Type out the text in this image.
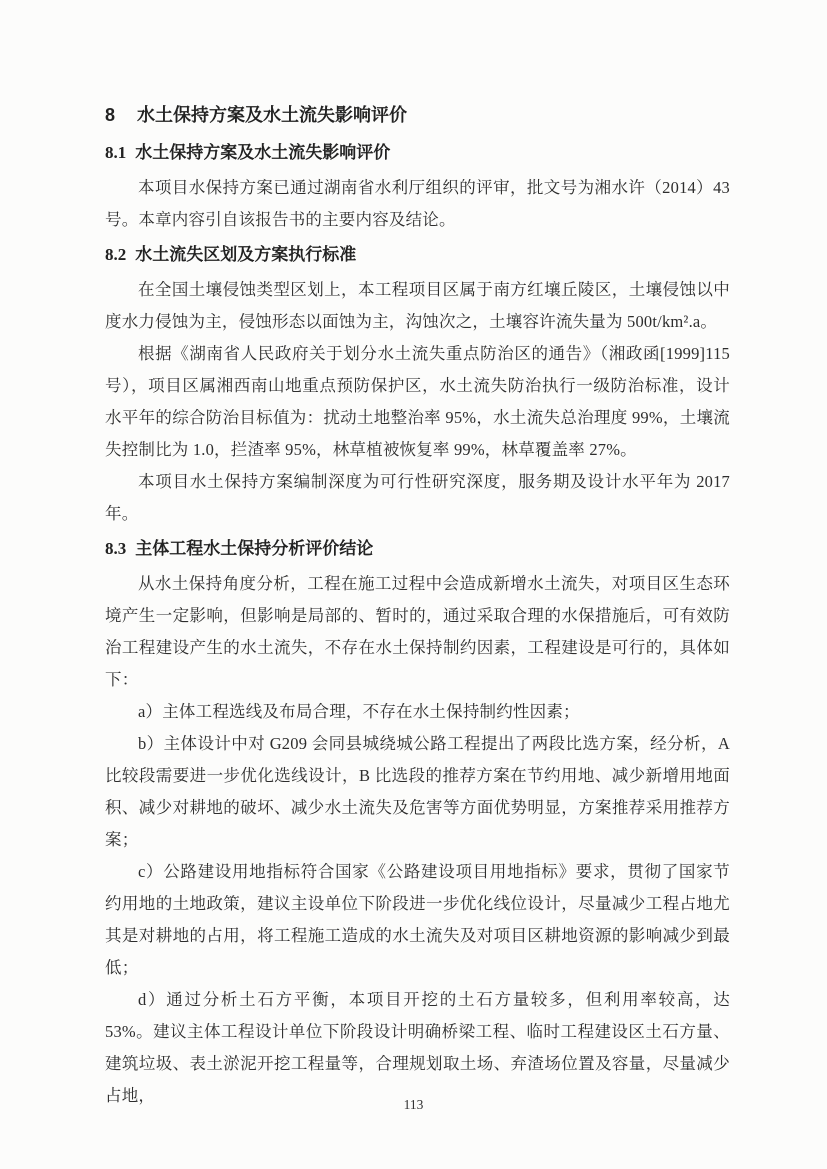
8 水土保持方案及水土流失影响评价
8.1 水土保持方案及水土流失影响评价

本项目水保持方案已通过湖南省水利厅组织的评审，批文号为湘水许（2014）43号。本章内容引自该报告书的主要内容及结论。

8.2 水土流失区划及方案执行标准

在全国土壤侵蚀类型区划上，本工程项目区属于南方红壤丘陵区，土壤侵蚀以中度水力侵蚀为主，侵蚀形态以面蚀为主，沟蚀次之，土壤容许流失量为 500t/km².a。

根据《湖南省人民政府关于划分水土流失重点防治区的通告》（湘政函[1999]115号），项目区属湘西南山地重点预防保护区，水土流失防治执行一级防治标准，设计水平年的综合防治目标值为：扰动土地整治率 95%，水土流失总治理度 99%，土壤流失控制比为 1.0，拦渣率 95%，林草植被恢复率 99%，林草覆盖率 27%。

本项目水土保持方案编制深度为可行性研究深度，服务期及设计水平年为 2017 年。

8.3 主体工程水土保持分析评价结论

从水土保持角度分析，工程在施工过程中会造成新增水土流失，对项目区生态环境产生一定影响，但影响是局部的、暂时的，通过采取合理的水保措施后，可有效防治工程建设产生的水土流失，不存在水土保持制约因素，工程建设是可行的，具体如下：

a）主体工程选线及布局合理，不存在水土保持制约性因素；

b）主体设计中对 G209 会同县城绕城公路工程提出了两段比选方案，经分析，A 比较段需要进一步优化选线设计，B 比选段的推荐方案在节约用地、减少新增用地面积、减少对耕地的破坏、减少水土流失及危害等方面优势明显，方案推荐采用推荐方案；

c）公路建设用地指标符合国家《公路建设项目用地指标》要求，贯彻了国家节约用地的土地政策，建议主设单位下阶段进一步优化线位设计，尽量减少工程占地尤其是对耕地的占用，将工程施工造成的水土流失及对项目区耕地资源的影响减少到最低；

d）通过分析土石方平衡，本项目开挖的土石方量较多，但利用率较高，达 53%。建议主体工程设计单位下阶段设计明确桥梁工程、临时工程建设区土石方量、建筑垃圾、表土淤泥开挖工程量等，合理规划取土场、弃渣场位置及容量，尽量减少占地，	113
